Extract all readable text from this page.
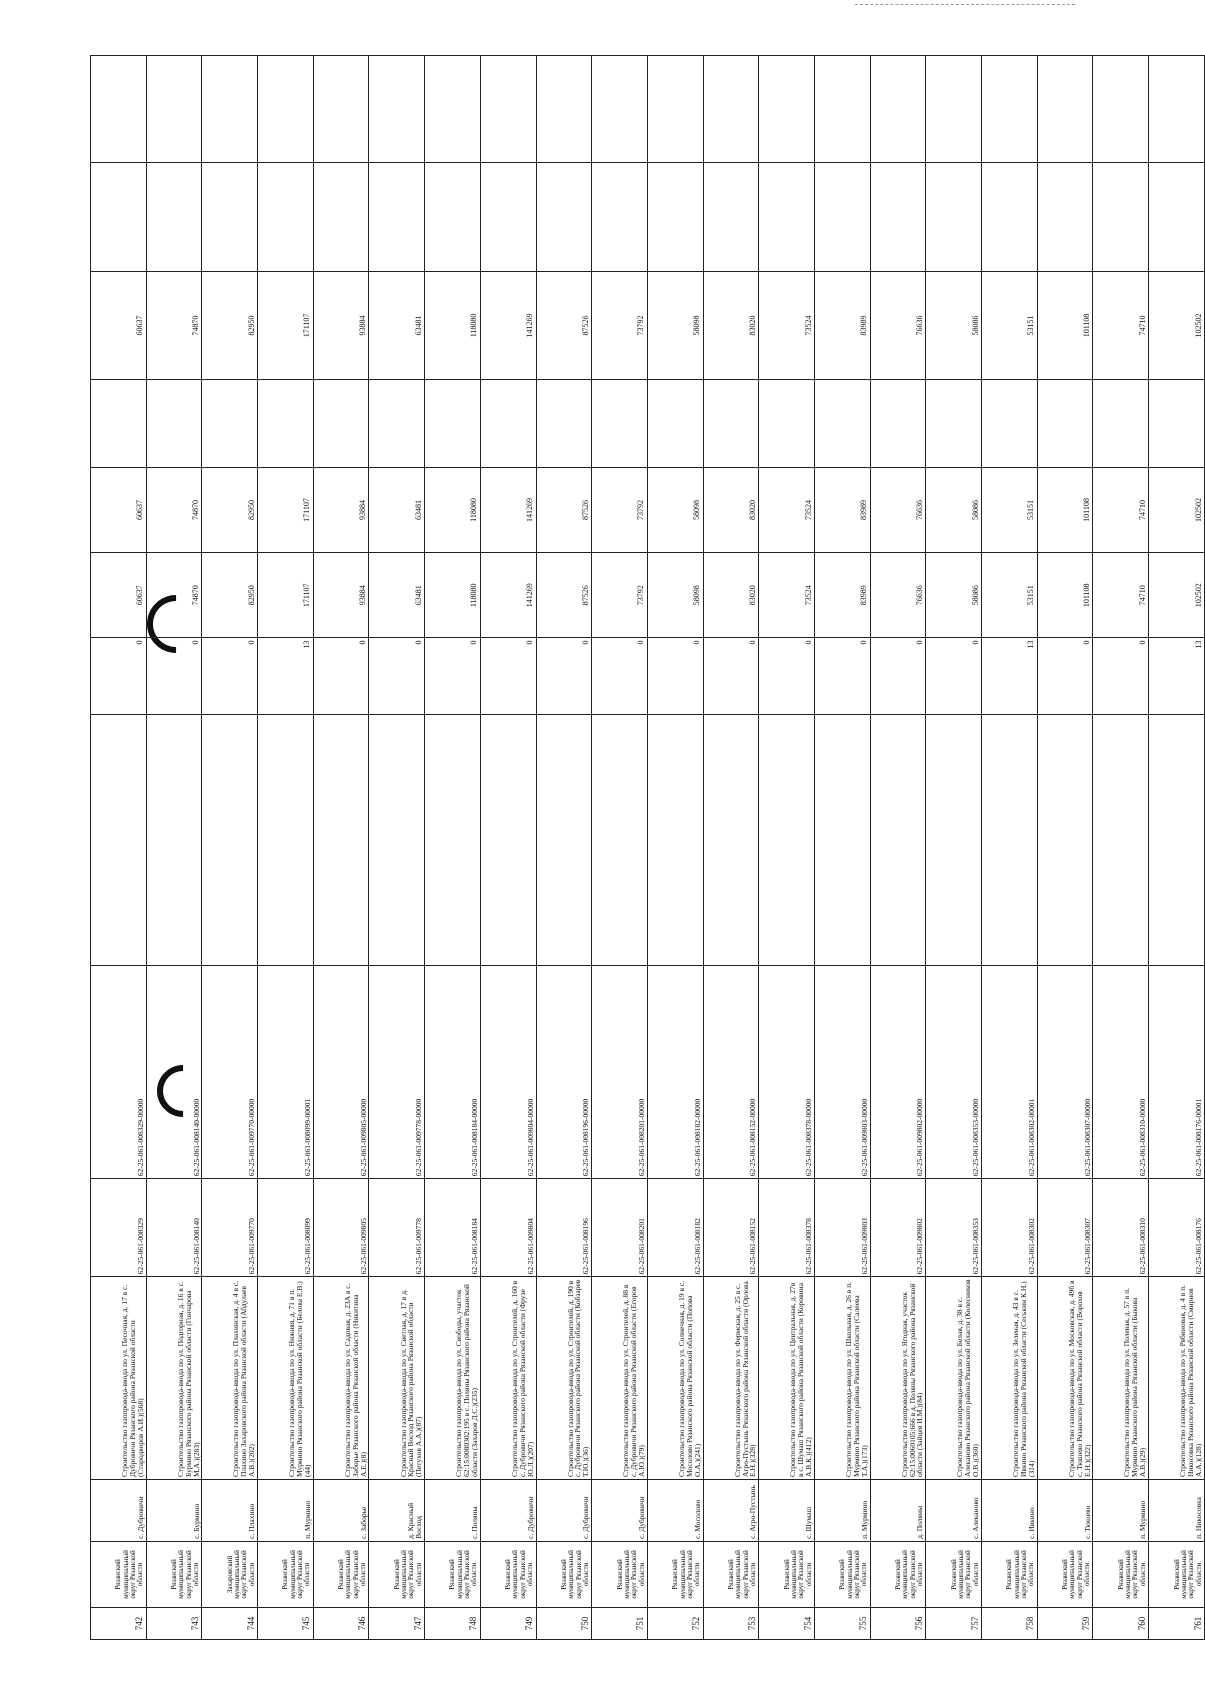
742	Рязанский муниципальный округ Рязанской области	с. Дубровичи	Строительство газопровода-ввода по ул. Песочная, д. 17 в с. Дубровичи Рязанского района Рязанской области (Стародворов А.И.)(568)	62-25-061-008329	62-25-061-008329-00000		0	60637	60637		60637		
743	Рязанский муниципальный округ Рязанской области	с. Бурмино	Строительство газопровода-ввода по ул. Подгорная, д. 16 в с. Бурмино Рязанского района Рязанской области (Гончарова М.А.)(283)	62-25-061-008140	62-25-061-008140-00000		0	74870	74870		74870		
744	Захаровский муниципальный округ Рязанской области	с. Плахино	Строительство газопровода-ввода по ул. Плахинская, д. 4 в с. Плахино Захаровского района Рязанской области (Абдулаев А.В.)(202)	62-25-061-009770	62-25-061-009770-00000		0	82950	82950		82950		
745	Рязанский муниципальный округ Рязанской области	п. Мурмино	Строительство газопровода-ввода по ул. Нижняя, д. 71 в п. Мурмино Рязанского района Рязанской области (Белова Е.В.)(44)	62-25-061-008099	62-25-061-008099-00001		13	171107	171107		171107		
746	Рязанский муниципальный округ Рязанской области	с. Заборье	Строительство газопровода-ввода по ул. Садовая, д. 23А в с. Заборье Рязанского района Рязанской области (Никитина А.Е.)(8)	62-25-061-009805	62-25-061-009805-00000		0	93884	93884		93884		
747	Рязанский муниципальный округ Рязанской области	д. Красный Восход	Строительство газопровода-ввода по ул. Светлая, д. 17 в д. Красный Восход Рязанского района Рязанской области (Петухов А.А.)(87)	62-25-061-009778	62-25-061-009778-00000		0	63481	63481		63481		
748	Рязанский муниципальный округ Рязанской области	с. Поляны	Строительство газопровода-ввода по ул. Свободы, участок 62:15:0080302:195 в с. Поляны Рязанского района Рязанской области (Захаров Д.С.)(235)	62-25-061-008184	62-25-061-008184-00000		0	118080	118080		118080		
749	Рязанский муниципальный округ Рязанской области	с. Дубровичи	Строительство газопровода-ввода по ул. Строителей, д. 160 в с. Дубровичи Рязанского района Рязанской области (Фрузе Ю.Л.)(207)	62-25-061-009804	62-25-061-009804-00000		0	141269	141269		141269		
750	Рязанский муниципальный округ Рязанской области	с. Дубровичи	Строительство газопровода-ввода по ул. Строителей, д. 190 в с. Дубровичи Рязанского района Рязанской области (Кобзарев Т.Ю.)(36)	62-25-061-008196	62-25-061-008196-00000		0	87526	87526		87526		
751	Рязанский муниципальный округ Рязанской области	с. Дубровичи	Строительство газопровода-ввода по ул. Строителей, д. 88 в с. Дубровичи Рязанского района Рязанской области (Егоров А.Ю.)(79)	62-25-061-008201	62-25-061-008201-00000		0	73792	73792		73792		
752	Рязанский муниципальный округ Рязанской области	с. Мосолово	Строительство газопровода-ввода по ул. Солнечная, д. 19 в с. Мосолово Рязанского района Рязанской области (Попова О.А.)(241)	62-25-061-008182	62-25-061-008182-00000		0	58098	58098		58098		
753	Рязанский муниципальный округ Рязанской области	с. Агро-Пустынь	Строительство газопровода-ввода по ул. Фермская, д. 25 в с. Агро-Пустынь Рязанского района Рязанской области (Орлова Е.Н.)(328)	62-25-061-008152	62-25-061-008152-00000		0	83020	83020		83020		
754	Рязанский муниципальный округ Рязанской области	с. Шумаш	Строительство газопровода-ввода по ул. Центральная, д. 27в в с. Шумаш Рязанского района Рязанской области (Коровина А.В.К.)(412)	62-25-061-008378	62-25-061-008378-00000		0	73524	73524		73524		
755	Рязанский муниципальный округ Рязанской области	п. Мурмино	Строительство газопровода-ввода по ул. Школьная, д. 26 в п. Мурмино Рязанского района Рязанской области (Салеева Т.А.)(173)	62-25-061-009803	62-25-061-009803-00000		0	83989	83989		83989		
756	Рязанский муниципальный округ Рязанской области	д. Поляны	Строительство газопровода-ввода по ул. Ягодная, участок 62:15:0060105:666 в д. Поляны Рязанского района Рязанской области (Зайцев И.М.)(84)	62-25-061-009802	62-25-061-009802-00000		0	76636	76636		76636		
757	Рязанский муниципальный округ Рязанской области	с. Алеканово	Строительство газопровода-ввода по ул. Белая, д. 38 в с. Алеканово Рязанского района Рязанской области (Колесников О.В.)(360)	62-25-061-008353	62-25-061-008353-00000		0	58086	58086		58086		
758	Рязанский муниципальный округ Рязанской области	с. Ивкино	Строительство газопровода-ввода по ул. Зеленая, д. 43 в с. Ивкино Рязанского района Рязанской области (Сеськин К.Н.)(314)	62-25-061-008302	62-25-061-008302-00001		13	53151	53151		53151		
759	Рязанский муниципальный округ Рязанской области	с. Тюшево	Строительство газопровода-ввода по ул. Московская, д. 49б в с. Тюшево Рязанского района Рязанской области (Ворохов Е.Н.)(322)	62-25-061-008307	62-25-061-008307-00000		0	101108	101108		101108		
760	Рязанский муниципальный округ Рязанской области	п. Мурмино	Строительство газопровода-ввода по ул. Полевая, д. 57 в п. Мурмино Рязанского района Рязанской области (Быкова А.В.)(29)	62-25-061-008310	62-25-061-008310-00000		0	74710	74710		74710		
761	Рязанский муниципальный округ Рязанской области	п. Никосовка	Строительство газопровода-ввода по ул. Рябиновая, д. 4 в п. Никосовка Рязанского района Рязанской области (Смирнов А.А.)(128)	62-25-061-008176	62-25-061-008176-00001		13	102502	102502		102502		
